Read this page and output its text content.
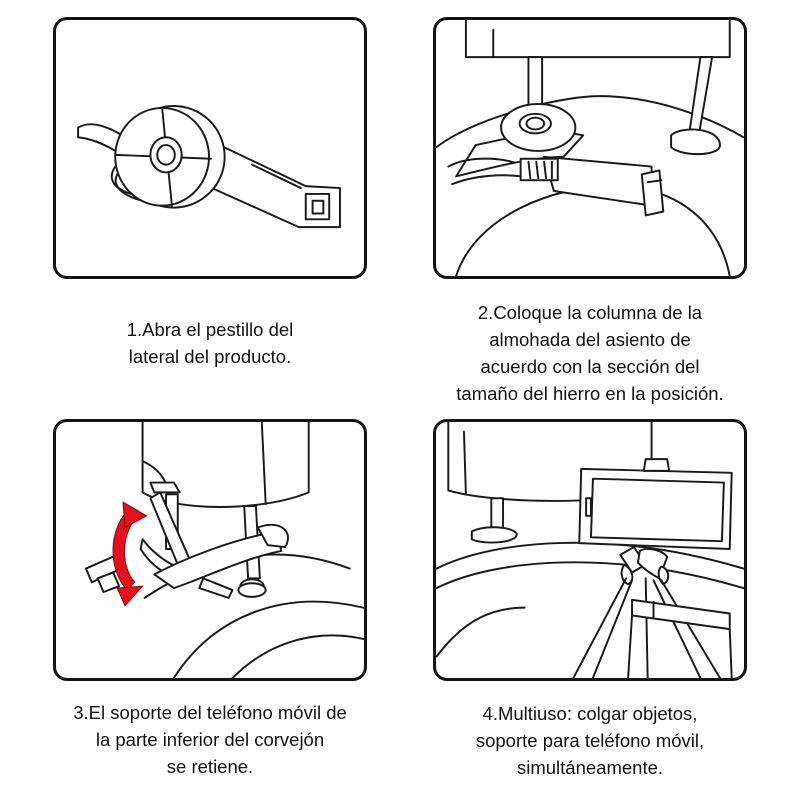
1.Abra el pestillo del
lateral del producto.
2.Coloque la columna de la
almohada del asiento de
acuerdo con la sección del
tamaño del hierro en la posición.
3.El soporte del teléfono móvil de
la parte inferior del corvejón
se retiene.
4.Multiuso: colgar objetos,
soporte para teléfono móvil,
simultáneamente.
